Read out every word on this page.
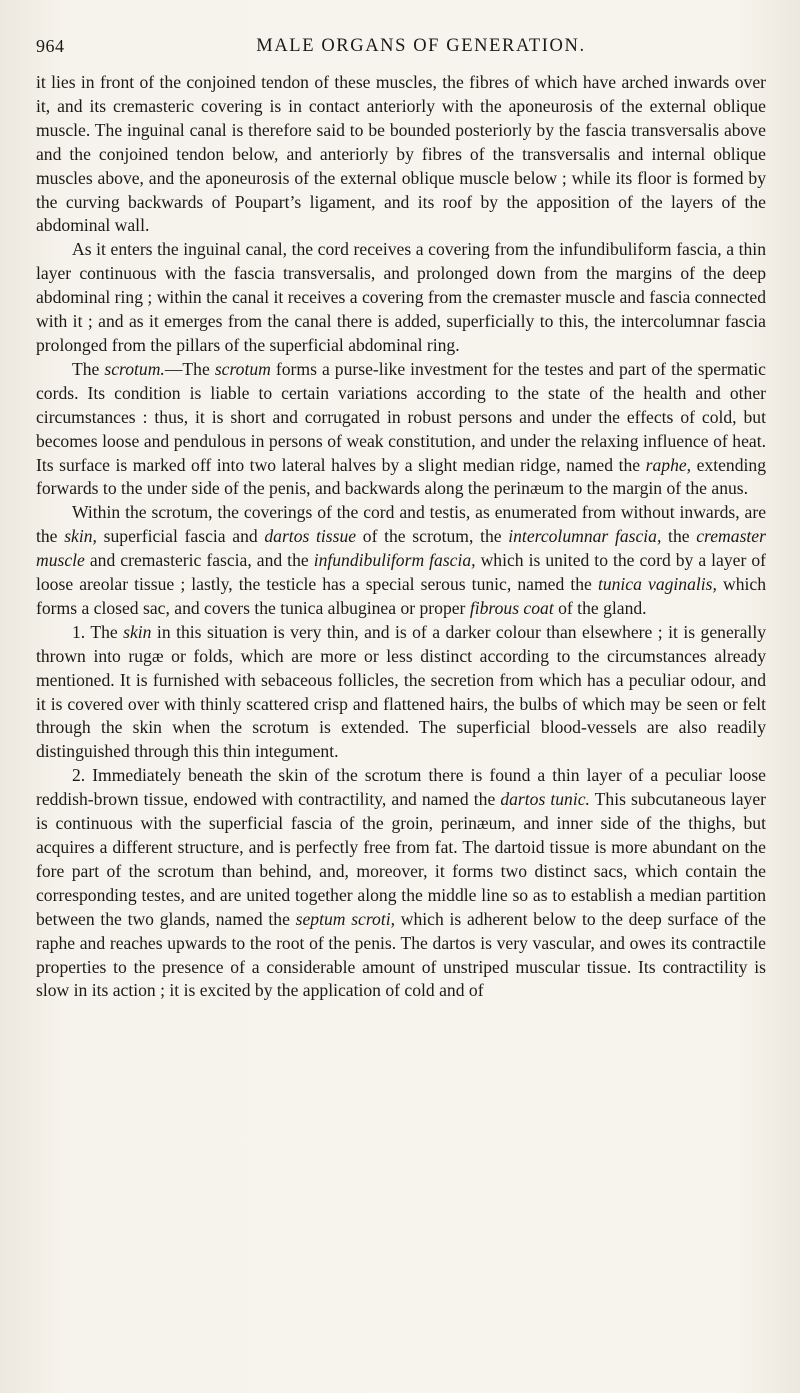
964	MALE ORGANS OF GENERATION.

it lies in front of the conjoined tendon of these muscles, the fibres of which have arched inwards over it, and its cremasteric covering is in contact anteriorly with the aponeurosis of the external oblique muscle. The inguinal canal is therefore said to be bounded posteriorly by the fascia transversalis above and the conjoined tendon below, and anteriorly by fibres of the transversalis and internal oblique muscles above, and the aponeurosis of the external oblique muscle below ; while its floor is formed by the curving backwards of Poupart’s ligament, and its roof by the apposition of the layers of the abdominal wall.

As it enters the inguinal canal, the cord receives a covering from the infundibuliform fascia, a thin layer continuous with the fascia transversalis, and prolonged down from the margins of the deep abdominal ring ; within the canal it receives a covering from the cremaster muscle and fascia connected with it ; and as it emerges from the canal there is added, superficially to this, the intercolumnar fascia prolonged from the pillars of the superficial abdominal ring.

The scrotum.—The scrotum forms a purse-like investment for the testes and part of the spermatic cords. Its condition is liable to certain variations according to the state of the health and other circumstances : thus, it is short and corrugated in robust persons and under the effects of cold, but becomes loose and pendulous in persons of weak constitution, and under the relaxing influence of heat. Its surface is marked off into two lateral halves by a slight median ridge, named the raphe, extending forwards to the under side of the penis, and backwards along the perinæum to the margin of the anus.

Within the scrotum, the coverings of the cord and testis, as enumerated from without inwards, are the skin, superficial fascia and dartos tissue of the scrotum, the intercolumnar fascia, the cremaster muscle and cremasteric fascia, and the infundibuliform fascia, which is united to the cord by a layer of loose areolar tissue ; lastly, the testicle has a special serous tunic, named the tunica vaginalis, which forms a closed sac, and covers the tunica albuginea or proper fibrous coat of the gland.

1. The skin in this situation is very thin, and is of a darker colour than elsewhere ; it is generally thrown into rugæ or folds, which are more or less distinct according to the circumstances already mentioned. It is furnished with sebaceous follicles, the secretion from which has a peculiar odour, and it is covered over with thinly scattered crisp and flattened hairs, the bulbs of which may be seen or felt through the skin when the scrotum is extended. The superficial blood-vessels are also readily distinguished through this thin integument.

2. Immediately beneath the skin of the scrotum there is found a thin layer of a peculiar loose reddish-brown tissue, endowed with contractility, and named the dartos tunic. This subcutaneous layer is continuous with the superficial fascia of the groin, perinæum, and inner side of the thighs, but acquires a different structure, and is perfectly free from fat. The dartoid tissue is more abundant on the fore part of the scrotum than behind, and, moreover, it forms two distinct sacs, which contain the corresponding testes, and are united together along the middle line so as to establish a median partition between the two glands, named the septum scroti, which is adherent below to the deep surface of the raphe and reaches upwards to the root of the penis. The dartos is very vascular, and owes its contractile properties to the presence of a considerable amount of unstriped muscular tissue. Its contractility is slow in its action ; it is excited by the application of cold and of
